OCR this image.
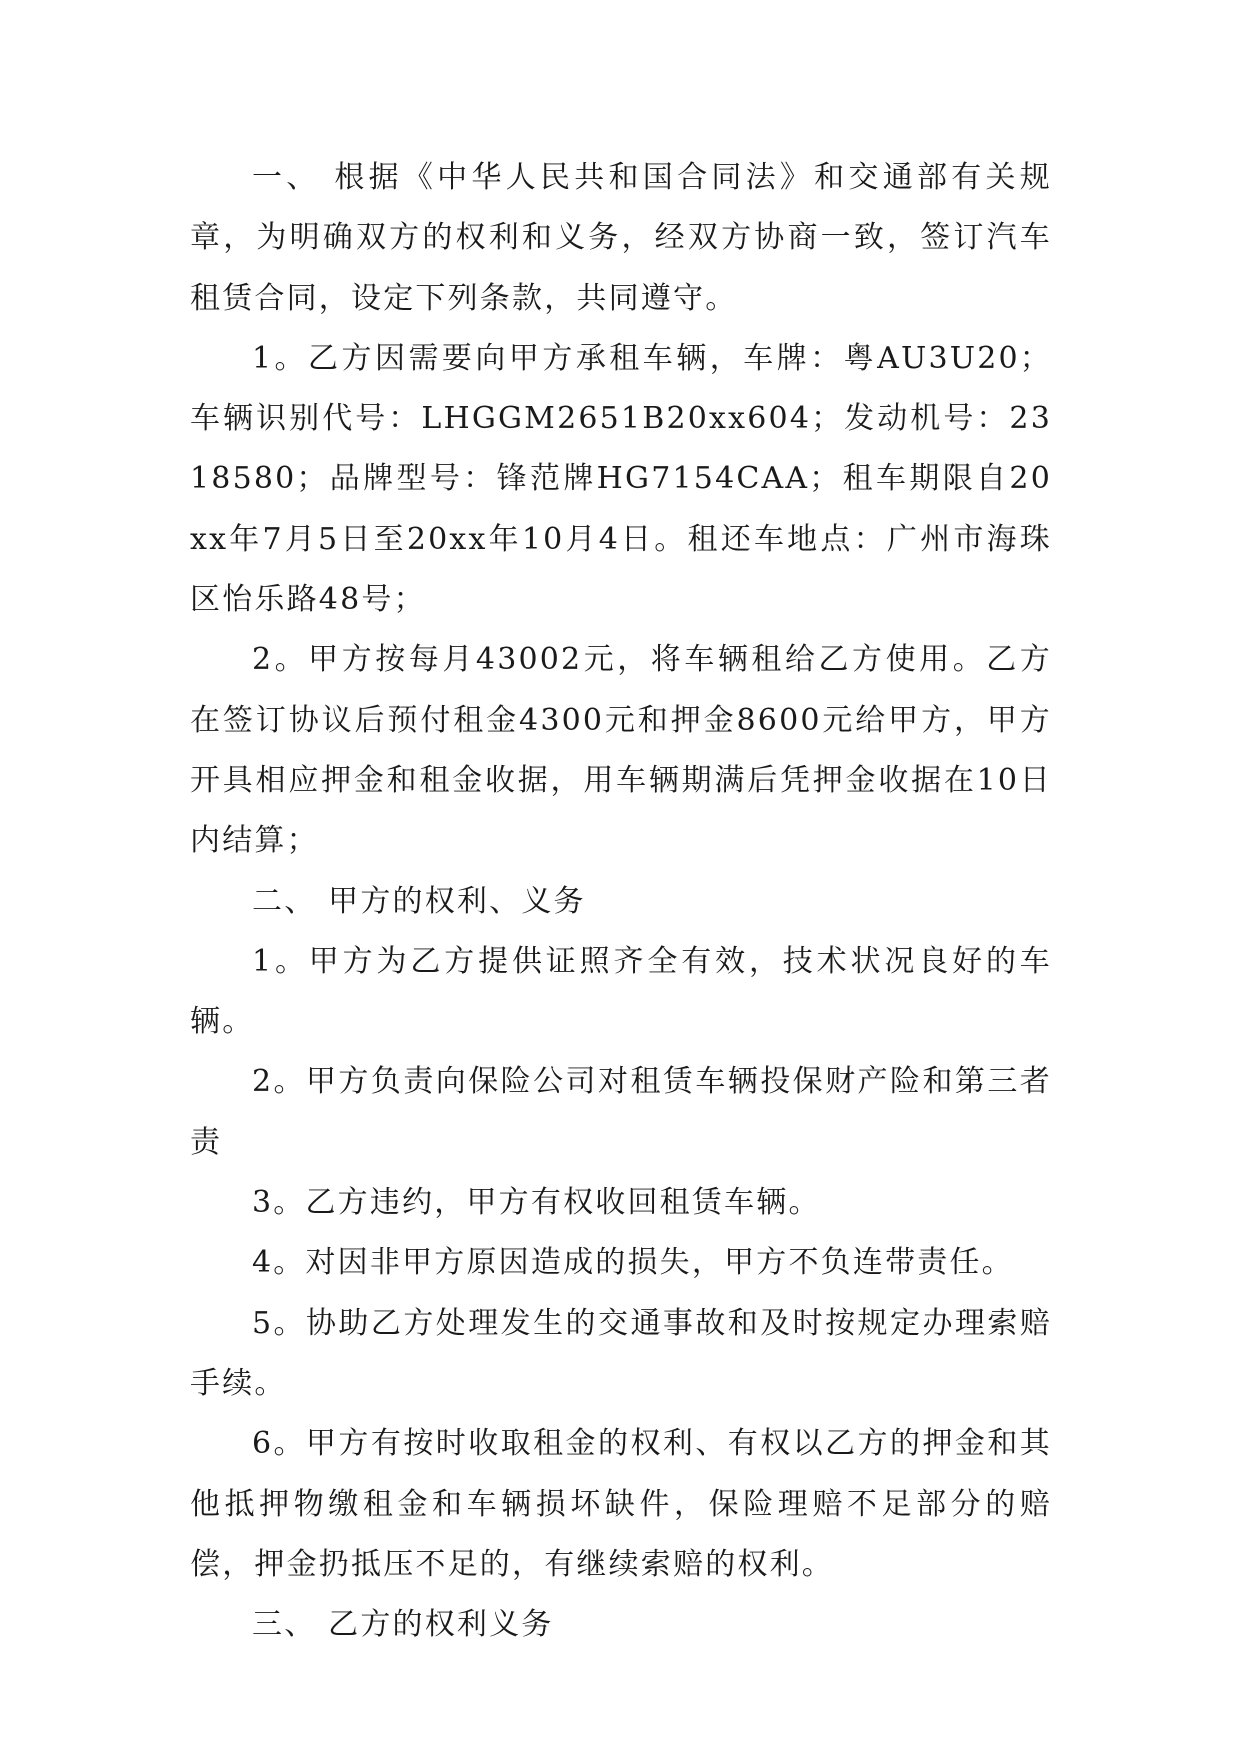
一、 根据《中华人民共和国合同法》和交通部有关规章，为明确双方的权利和义务，经双方协商一致，签订汽车租赁合同，设定下列条款，共同遵守。

1。乙方因需要向甲方承租车辆，车牌：粤AU3U20；车辆识别代号：LHGGM2651B20xx604；发动机号：2318580；品牌型号：锋范牌HG7154CAA；租车期限自20xx年7月5日至20xx年10月4日。租还车地点：广州市海珠区怡乐路48号；

2。甲方按每月43002元，将车辆租给乙方使用。乙方在签订协议后预付租金4300元和押金8600元给甲方，甲方开具相应押金和租金收据，用车辆期满后凭押金收据在10日内结算；

二、 甲方的权利、义务

1。甲方为乙方提供证照齐全有效，技术状况良好的车辆。

2。甲方负责向保险公司对租赁车辆投保财产险和第三者责

3。乙方违约，甲方有权收回租赁车辆。

4。对因非甲方原因造成的损失，甲方不负连带责任。

5。协助乙方处理发生的交通事故和及时按规定办理索赔手续。

6。甲方有按时收取租金的权利、有权以乙方的押金和其他抵押物缴租金和车辆损坏缺件，保险理赔不足部分的赔偿，押金扔抵压不足的，有继续索赔的权利。

三、 乙方的权利义务
